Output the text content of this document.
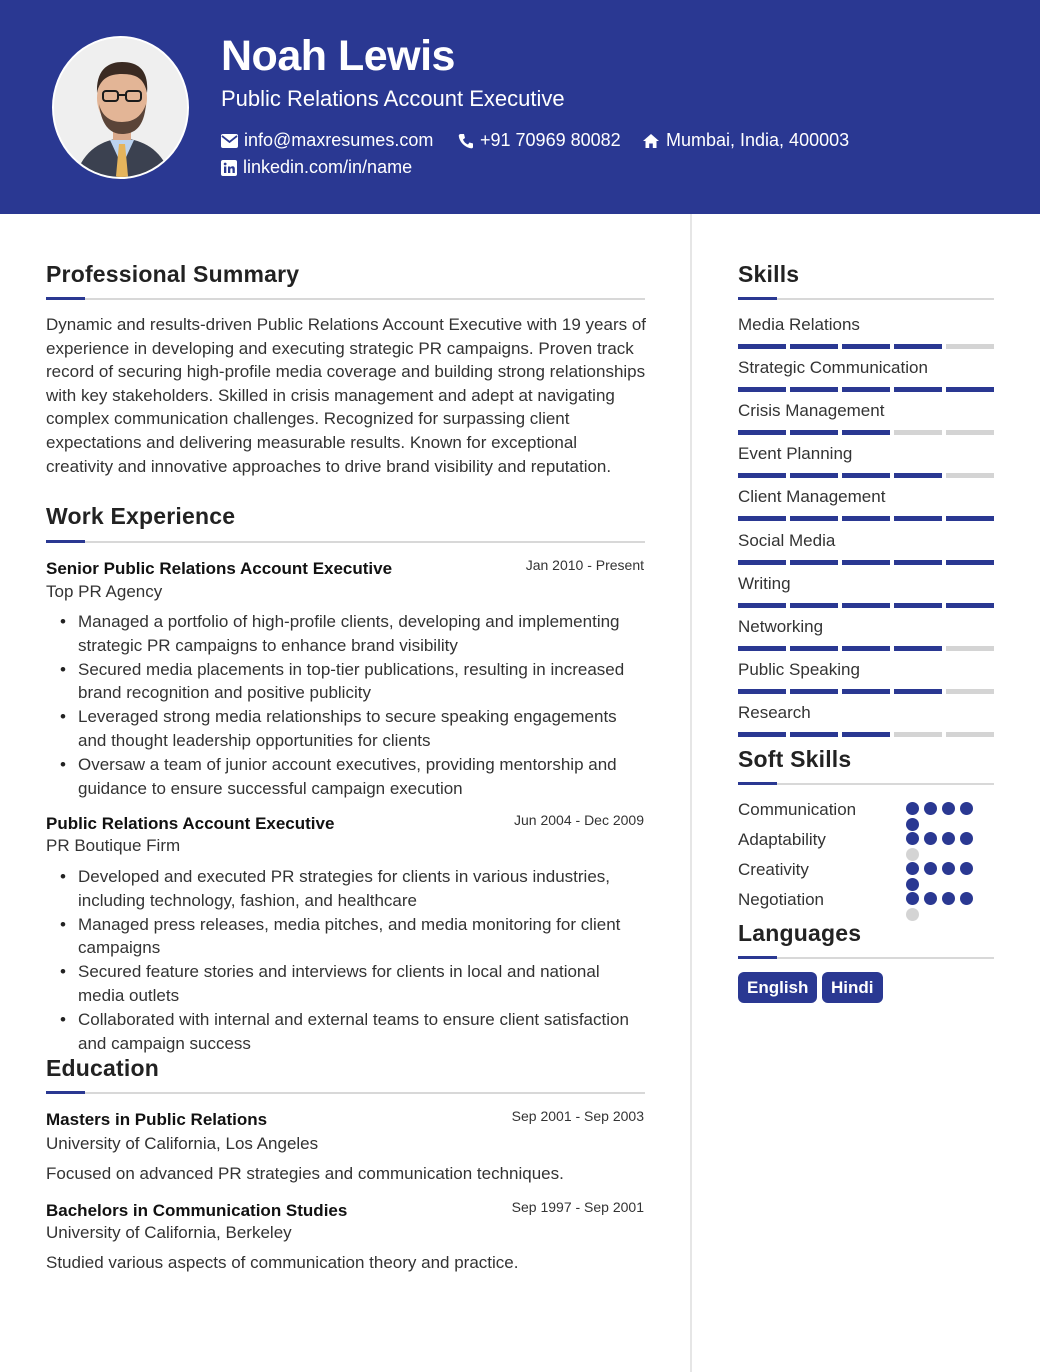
Noah Lewis
Public Relations Account Executive
info@maxresumes.com	+91 70969 80082	Mumbai, India, 400003
linkedin.com/in/name
Professional Summary
Dynamic and results-driven Public Relations Account Executive with 19 years of experience in developing and executing strategic PR campaigns. Proven track record of securing high-profile media coverage and building strong relationships with key stakeholders. Skilled in crisis management and adept at navigating complex communication challenges. Recognized for surpassing client expectations and delivering measurable results. Known for exceptional creativity and innovative approaches to drive brand visibility and reputation.
Work Experience
Senior Public Relations Account Executive	Jan 2010 - Present
Top PR Agency
• Managed a portfolio of high-profile clients, developing and implementing strategic PR campaigns to enhance brand visibility
• Secured media placements in top-tier publications, resulting in increased brand recognition and positive publicity
• Leveraged strong media relationships to secure speaking engagements and thought leadership opportunities for clients
• Oversaw a team of junior account executives, providing mentorship and guidance to ensure successful campaign execution
Public Relations Account Executive	Jun 2004 - Dec 2009
PR Boutique Firm
• Developed and executed PR strategies for clients in various industries, including technology, fashion, and healthcare
• Managed press releases, media pitches, and media monitoring for client campaigns
• Secured feature stories and interviews for clients in local and national media outlets
• Collaborated with internal and external teams to ensure client satisfaction and campaign success
Education
Masters in Public Relations	Sep 2001 - Sep 2003
University of California, Los Angeles
Focused on advanced PR strategies and communication techniques.
Bachelors in Communication Studies	Sep 1997 - Sep 2001
University of California, Berkeley
Studied various aspects of communication theory and practice.
Skills
Media Relations
Strategic Communication
Crisis Management
Event Planning
Client Management
Social Media
Writing
Networking
Public Speaking
Research
Soft Skills
Communication
Adaptability
Creativity
Negotiation
Languages
English	Hindi
